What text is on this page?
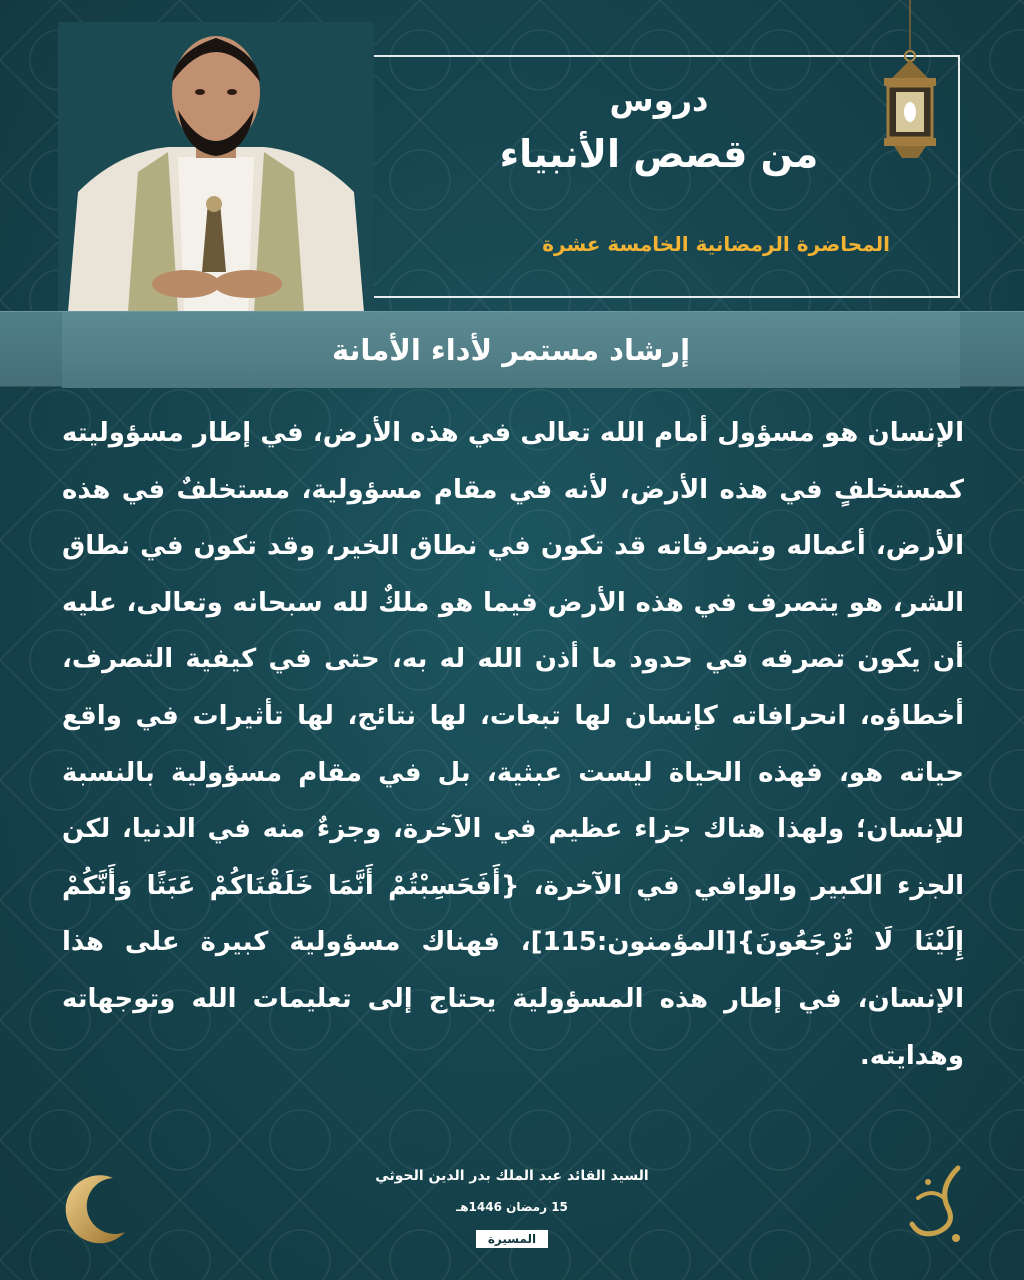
دروس
من قصص الأنبياء
المحاضرة الرمضانية الخامسة عشرة
إرشاد مستمر لأداء الأمانة

الإنسان هو مسؤول أمام الله تعالى في هذه الأرض، في إطار مسؤوليته كمستخلفٍ في هذه الأرض، لأنه في مقام مسؤولية، مستخلفٌ في هذه الأرض، أعماله وتصرفاته قد تكون في نطاق الخير، وقد تكون في نطاق الشر، هو يتصرف في هذه الأرض فيما هو ملكٌ لله سبحانه وتعالى، عليه أن يكون تصرفه في حدود ما أذن الله له به، حتى في كيفية التصرف، أخطاؤه، انحرافاته كإنسان لها تبعات، لها نتائج، لها تأثيرات في واقع حياته هو، فهذه الحياة ليست عبثية، بل في مقام مسؤولية بالنسبة للإنسان؛ ولهذا هناك جزاء عظيم في الآخرة، وجزءٌ منه في الدنيا، لكن الجزء الكبير والوافي في الآخرة، {أَفَحَسِبْتُمْ أَنَّمَا خَلَقْنَاكُمْ عَبَثًا وَأَنَّكُمْ إِلَيْنَا لَا تُرْجَعُونَ}[المؤمنون:115]، فهناك مسؤولية كبيرة على هذا الإنسان، في إطار هذه المسؤولية يحتاج إلى تعليمات الله وتوجهاته وهدايته.

السيد القائد عبد الملك بدر الدين الحوثي
15 رمضان 1446هـ
المسيرة
